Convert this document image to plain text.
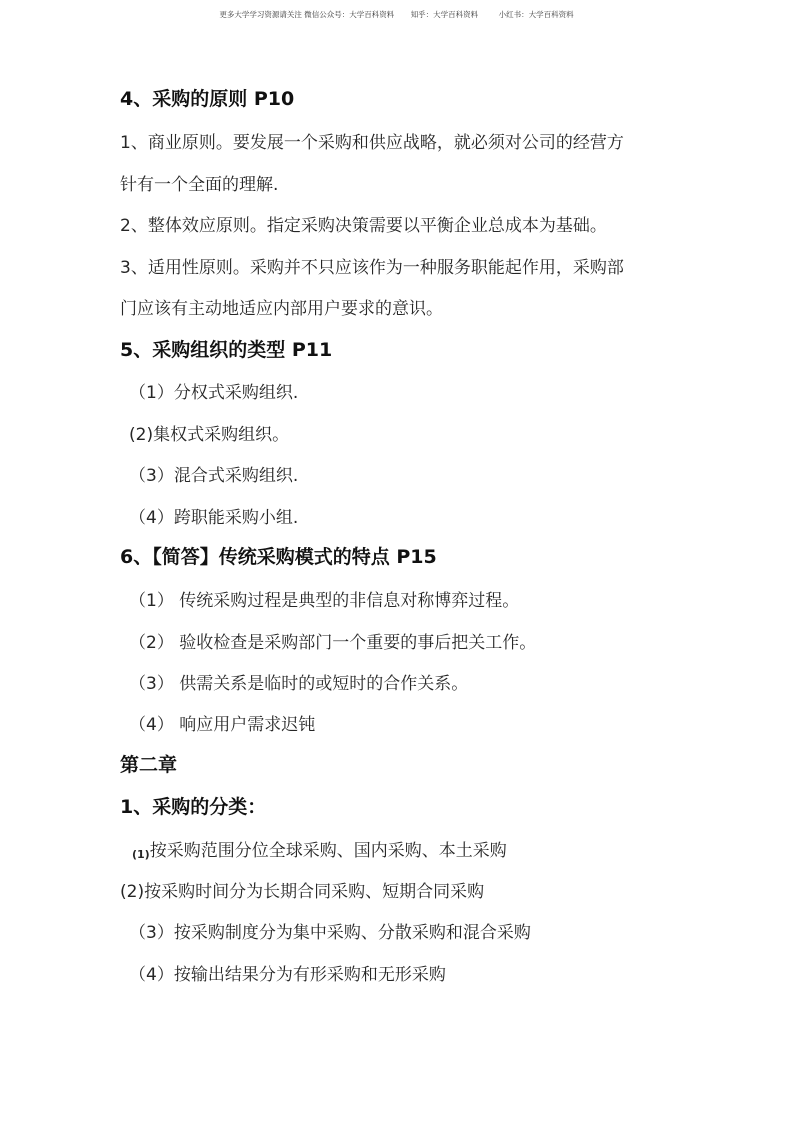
更多大学学习资源请关注 微信公众号：大学百科资料 知乎：大学百科资料	小红书：大学百科资料
4、采购的原则 P10
1、商业原则。要发展一个采购和供应战略，就必须对公司的经营方
针有一个全面的理解.
2、整体效应原则。指定采购决策需要以平衡企业总成本为基础。
3、适用性原则。采购并不只应该作为一种服务职能起作用，采购部
门应该有主动地适应内部用户要求的意识。
5、采购组织的类型 P11
（1）分权式采购组织.
(2)集权式采购组织。
（3）混合式采购组织.
（4）跨职能采购小组.
6、【简答】传统采购模式的特点 P15
（1） 传统采购过程是典型的非信息对称博弈过程。
（2） 验收检查是采购部门一个重要的事后把关工作。
（3） 供需关系是临时的或短时的合作关系。
（4） 响应用户需求迟钝
第二章
1、采购的分类：
(1)按采购范围分位全球采购、国内采购、本土采购
(2)按采购时间分为长期合同采购、短期合同采购
（3）按采购制度分为集中采购、分散采购和混合采购
（4）按输出结果分为有形采购和无形采购
